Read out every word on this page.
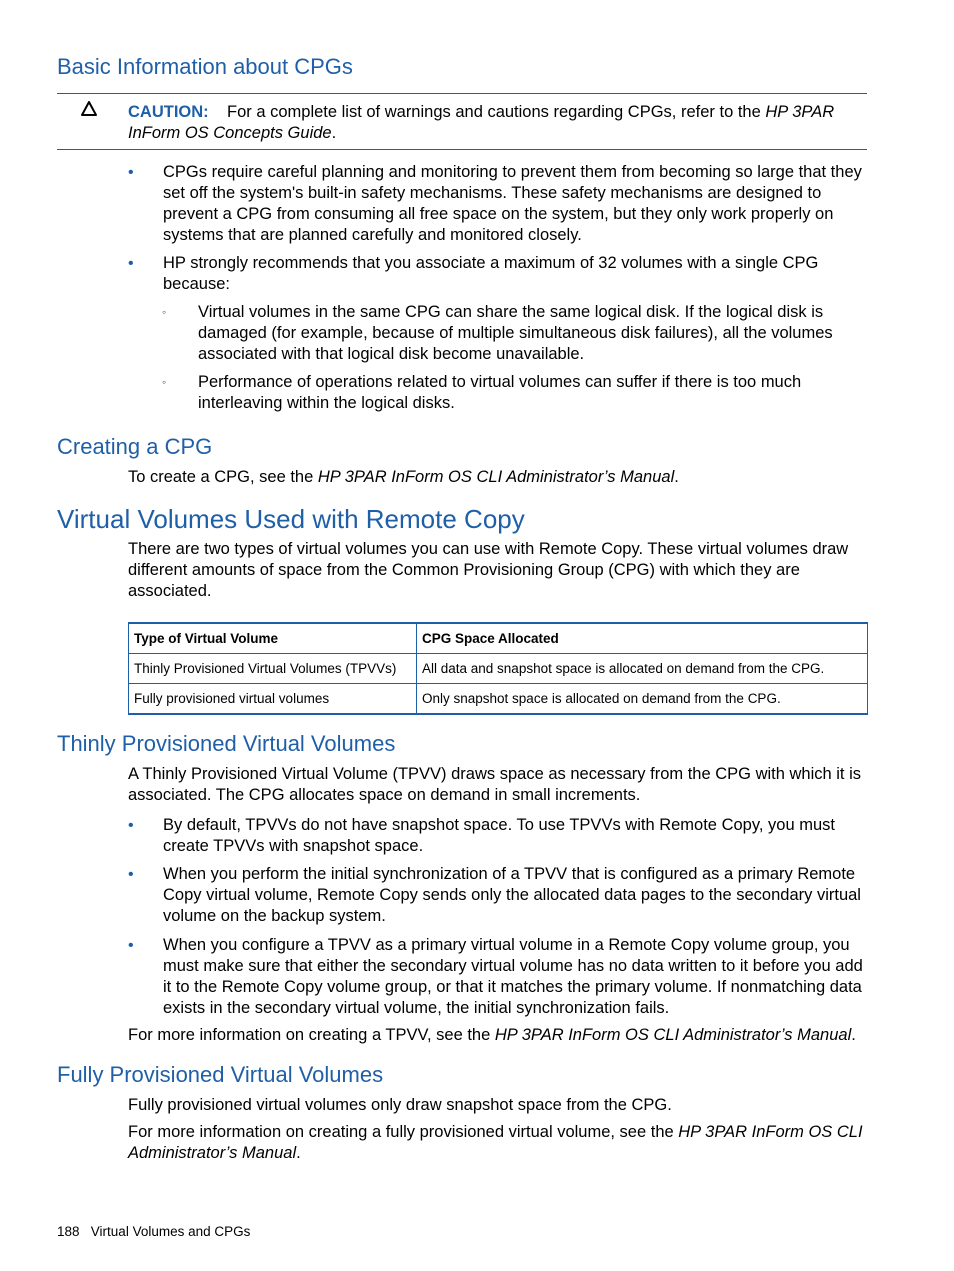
Basic Information about CPGs

CAUTION: For a complete list of warnings and cautions regarding CPGs, refer to the HP 3PAR InForm OS Concepts Guide.

• CPGs require careful planning and monitoring to prevent them from becoming so large that they set off the system's built-in safety mechanisms. These safety mechanisms are designed to prevent a CPG from consuming all free space on the system, but they only work properly on systems that are planned carefully and monitored closely.

• HP strongly recommends that you associate a maximum of 32 volumes with a single CPG because:

◦	Virtual volumes in the same CPG can share the same logical disk. If the logical disk is damaged (for example, because of multiple simultaneous disk failures), all the volumes associated with that logical disk become unavailable.

◦	Performance of operations related to virtual volumes can suffer if there is too much interleaving within the logical disks.

Creating a CPG

To create a CPG, see the HP 3PAR InForm OS CLI Administrator’s Manual.

Virtual Volumes Used with Remote Copy

There are two types of virtual volumes you can use with Remote Copy. These virtual volumes draw different amounts of space from the Common Provisioning Group (CPG) with which they are associated.

Type of Virtual Volume	CPG Space Allocated
Thinly Provisioned Virtual Volumes (TPVVs)	All data and snapshot space is allocated on demand from the CPG.
Fully provisioned virtual volumes	Only snapshot space is allocated on demand from the CPG.
Thinly Provisioned Virtual Volumes

A Thinly Provisioned Virtual Volume (TPVV) draws space as necessary from the CPG with which it is associated. The CPG allocates space on demand in small increments.

• By default, TPVVs do not have snapshot space. To use TPVVs with Remote Copy, you must create TPVVs with snapshot space.

• When you perform the initial synchronization of a TPVV that is configured as a primary Remote Copy virtual volume, Remote Copy sends only the allocated data pages to the secondary virtual volume on the backup system.

• When you configure a TPVV as a primary virtual volume in a Remote Copy volume group, you must make sure that either the secondary virtual volume has no data written to it before you add it to the Remote Copy volume group, or that it matches the primary volume. If nonmatching data exists in the secondary virtual volume, the initial synchronization fails.

For more information on creating a TPVV, see the HP 3PAR InForm OS CLI Administrator’s Manual.

Fully Provisioned Virtual Volumes

Fully provisioned virtual volumes only draw snapshot space from the CPG.

For more information on creating a fully provisioned virtual volume, see the HP 3PAR InForm OS CLI Administrator’s Manual.

188 Virtual Volumes and CPGs
